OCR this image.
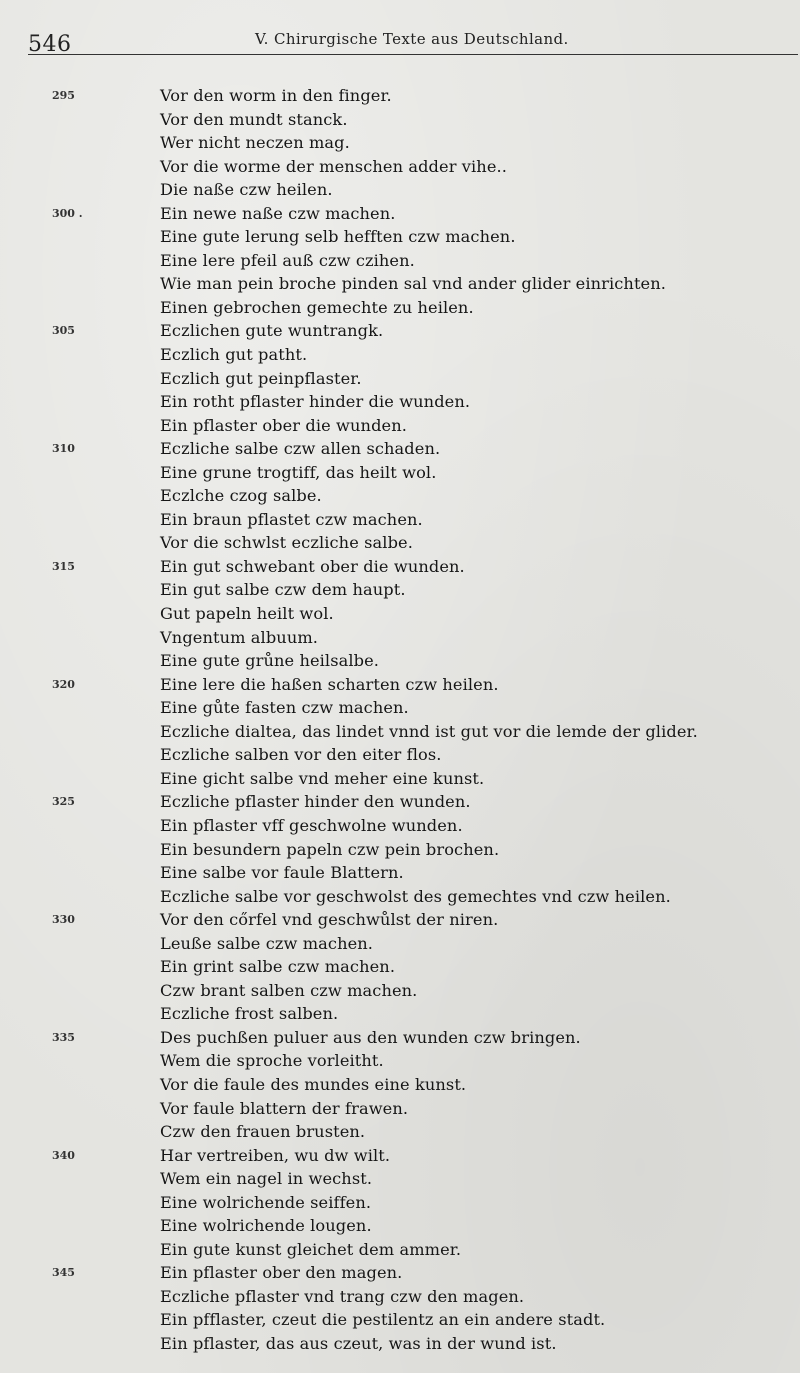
546	V. Chirurgische Texte aus Deutschland.
295	Vor den worm in den finger.
Vor den mundt stanck.
Wer nicht neczen mag.
Vor die worme der menschen adder vihe..
Die naße czw heilen.
300 .	Ein newe naße czw machen.
Eine gute lerung selb hefften czw machen.
Eine lere pfeil auß czw czihen.
Wie man pein broche pinden sal vnd ander glider einrichten.
Einen gebrochen gemechte zu heilen.
305	Eczlichen gute wuntrangk.
Eczlich gut patht.
Eczlich gut peinpflaster.
Ein rotht pflaster hinder die wunden.
Ein pflaster ober die wunden.
310	Eczliche salbe czw allen schaden.
Eine grune trogtiff, das heilt wol.
Eczlche czog salbe.
Ein braun pflastet czw machen.
Vor die schwlst eczliche salbe.
315	Ein gut schwebant ober die wunden.
Ein gut salbe czw dem haupt.
Gut papeln heilt wol.
Vngentum albuum.
Eine gute grůne heilsalbe.
320	Eine lere die haßen scharten czw heilen.
Eine gůte fasten czw machen.
Eczliche dialtea, das lindet vnnd ist gut vor die lemde der glider.
Eczliche salben vor den eiter flos.
Eine gicht salbe vnd meher eine kunst.
325	Eczliche pflaster hinder den wunden.
Ein pflaster vff geschwolne wunden.
Ein besundern papeln czw pein brochen.
Eine salbe vor faule Blattern.
Eczliche salbe vor geschwolst des gemechtes vnd czw heilen.
330	Vor den cőrfel vnd geschwůlst der niren.
Leuße salbe czw machen.
Ein grint salbe czw machen.
Czw brant salben czw machen.
Eczliche frost salben.
335	Des puchßen puluer aus den wunden czw bringen.
Wem die sproche vorleitht.
Vor die faule des mundes eine kunst.
Vor faule blattern der frawen.
Czw den frauen brusten.
340	Har vertreiben, wu dw wilt.
Wem ein nagel in wechst.
Eine wolrichende seiffen.
Eine wolrichende lougen.
Ein gute kunst gleichet dem ammer.
345	Ein pflaster ober den magen.
Eczliche pflaster vnd trang czw den magen.
Ein pfflaster, czeut die pestilentz an ein andere stadt.
Ein pflaster, das aus czeut, was in der wund ist.
